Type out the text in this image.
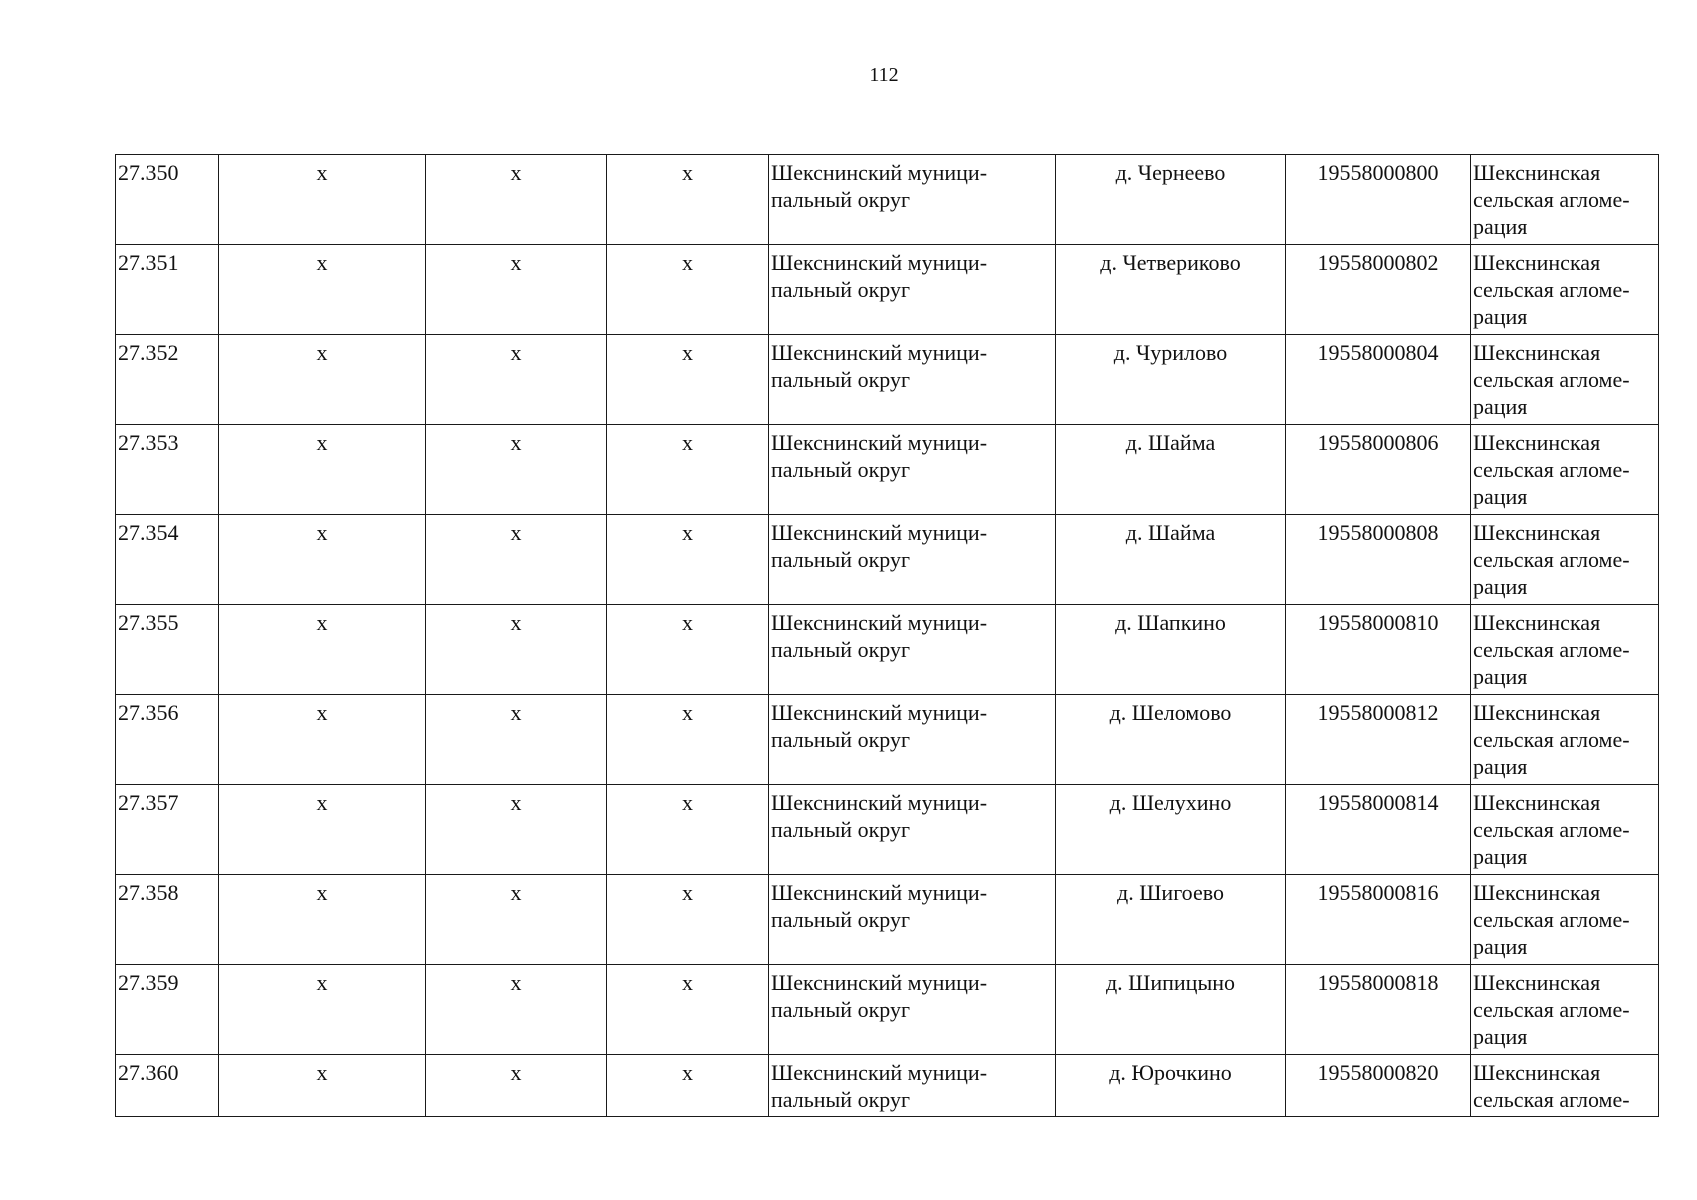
112
27.350	х	х	х	Шекснинский муници-
пальный округ	д. Чернеево	19558000800	Шекснинская
сельская агломе-
рация

27.351	х	х	х	Шекснинский муници-
пальный округ	д. Четвериково	19558000802	Шекснинская
сельская агломе-
рация

27.352	х	х	х	Шекснинский муници-
пальный округ	д. Чурилово	19558000804	Шекснинская
сельская агломе-
рация

27.353	х	х	х	Шекснинский муници-
пальный округ	д. Шайма	19558000806	Шекснинская
сельская агломе-
рация

27.354	х	х	х	Шекснинский муници-
пальный округ	д. Шайма	19558000808	Шекснинская
сельская агломе-
рация

27.355	х	х	х	Шекснинский муници-
пальный округ	д. Шапкино	19558000810	Шекснинская
сельская агломе-
рация

27.356	х	х	х	Шекснинский муници-
пальный округ	д. Шеломово	19558000812	Шекснинская
сельская агломе-
рация

27.357	х	х	х	Шекснинский муници-
пальный округ	д. Шелухино	19558000814	Шекснинская
сельская агломе-
рация

27.358	х	х	х	Шекснинский муници-
пальный округ	д. Шигоево	19558000816	Шекснинская
сельская агломе-
рация

27.359	х	х	х	Шекснинский муници-
пальный округ	д. Шипицыно	19558000818	Шекснинская
сельская агломе-
рация

27.360	х	х	х	Шекснинский муници-
пальный округ	д. Юрочкино	19558000820	Шекснинская
сельская агломе-
